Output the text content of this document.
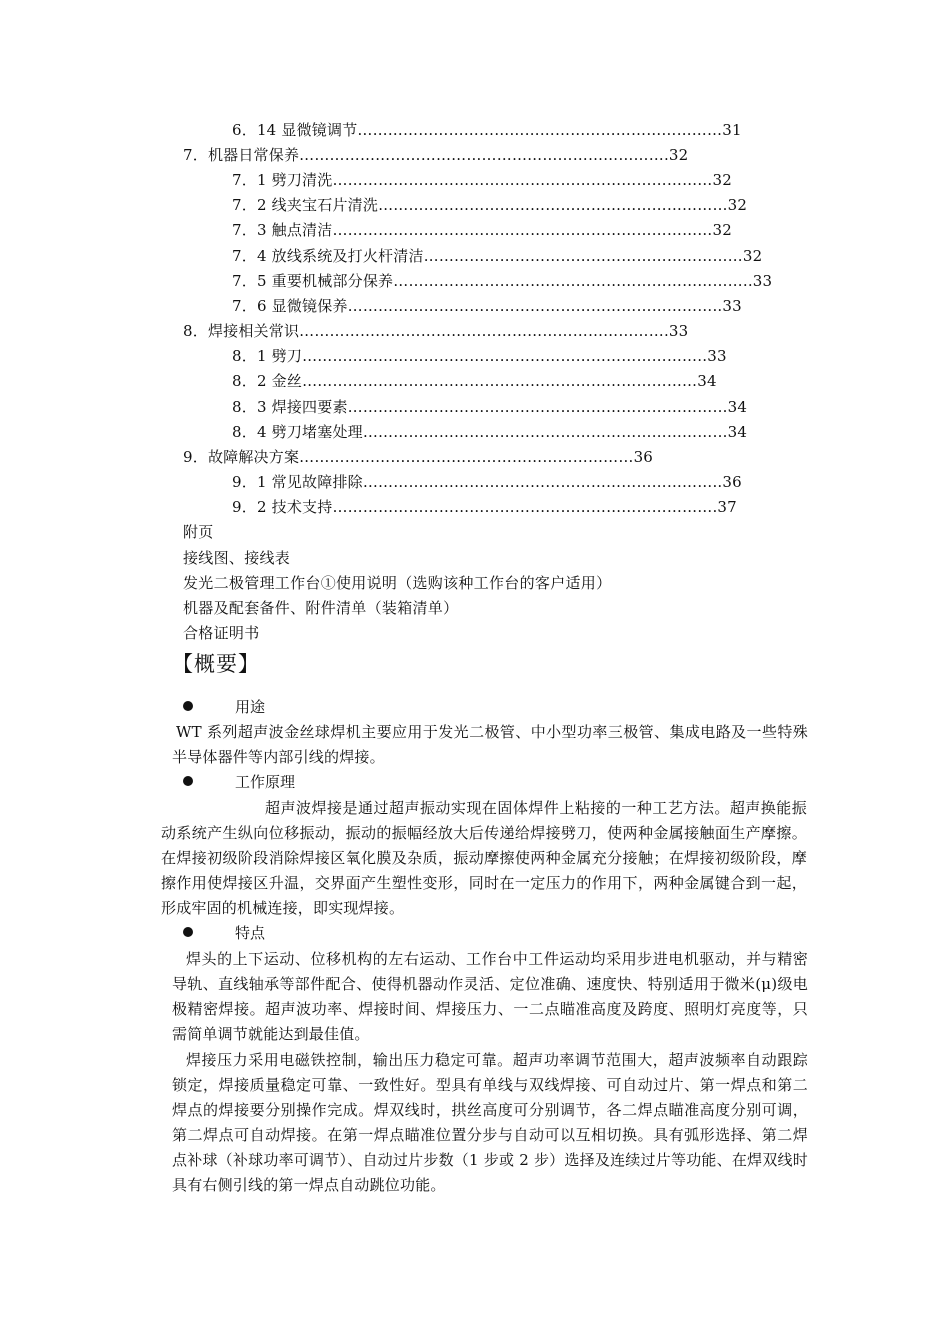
6．14 显微镜调节………………………………………………………………31
7．机器日常保养……………………………………………………………….32
7．1 劈刀清洗…………………………………………………………………32
7．2 线夹宝石片清洗……………………………………………………………32
7．3 触点清洁…………………………………………………………………32
7．4 放线系统及打火杆清洁………………………………………………………32
7．5 重要机械部分保养……………………………………………………………..33
7．6 显微镜保养………………………………………………………………..33
8．焊接相关常识……………………………………………………………….33
8．1 劈刀……………………………………………………………………..33
8．2 金丝……………………………………………………………………34
8．3 焊接四要素…………………………………………………………………34
8．4 劈刀堵塞处理………………………………………………………………34
9．故障解决方案…………………………………………………………36
9．1 常见故障排除……………………………………………………………..36
9．2 技术支持………………………………………………………………….37
附页
接线图、接线表
发光二极管理工作台①使用说明（选购该种工作台的客户适用）
机器及配套备件、附件清单（装箱清单）
合格证明书
【概要】
用途
WT 系列超声波金丝球焊机主要应用于发光二极管、中小型功率三极管、集成电路及一些特殊半导体器件等内部引线的焊接。
工作原理
超声波焊接是通过超声振动实现在固体焊件上粘接的一种工艺方法。超声换能振动系统产生纵向位移振动，振动的振幅经放大后传递给焊接劈刀，使两种金属接触面生产摩擦。在焊接初级阶段消除焊接区氧化膜及杂质，振动摩擦使两种金属充分接触；在焊接初级阶段，摩擦作用使焊接区升温，交界面产生塑性变形，同时在一定压力的作用下，两种金属键合到一起，形成牢固的机械连接，即实现焊接。
特点
焊头的上下运动、位移机构的左右运动、工作台中工件运动均采用步进电机驱动，并与精密导轨、直线轴承等部件配合、使得机器动作灵活、定位准确、速度快、特别适用于微米(μ)级电极精密焊接。超声波功率、焊接时间、焊接压力、一二点瞄准高度及跨度、照明灯亮度等，只需简单调节就能达到最佳值。
焊接压力采用电磁铁控制，输出压力稳定可靠。超声功率调节范围大，超声波频率自动跟踪锁定，焊接质量稳定可靠、一致性好。型具有单线与双线焊接、可自动过片、第一焊点和第二焊点的焊接要分别操作完成。焊双线时，拱丝高度可分别调节，各二焊点瞄准高度分别可调，第二焊点可自动焊接。在第一焊点瞄准位置分步与自动可以互相切换。具有弧形选择、第二焊点补球（补球功率可调节）、自动过片步数（1 步或 2 步）选择及连续过片等功能、在焊双线时具有右侧引线的第一焊点自动跳位功能。
